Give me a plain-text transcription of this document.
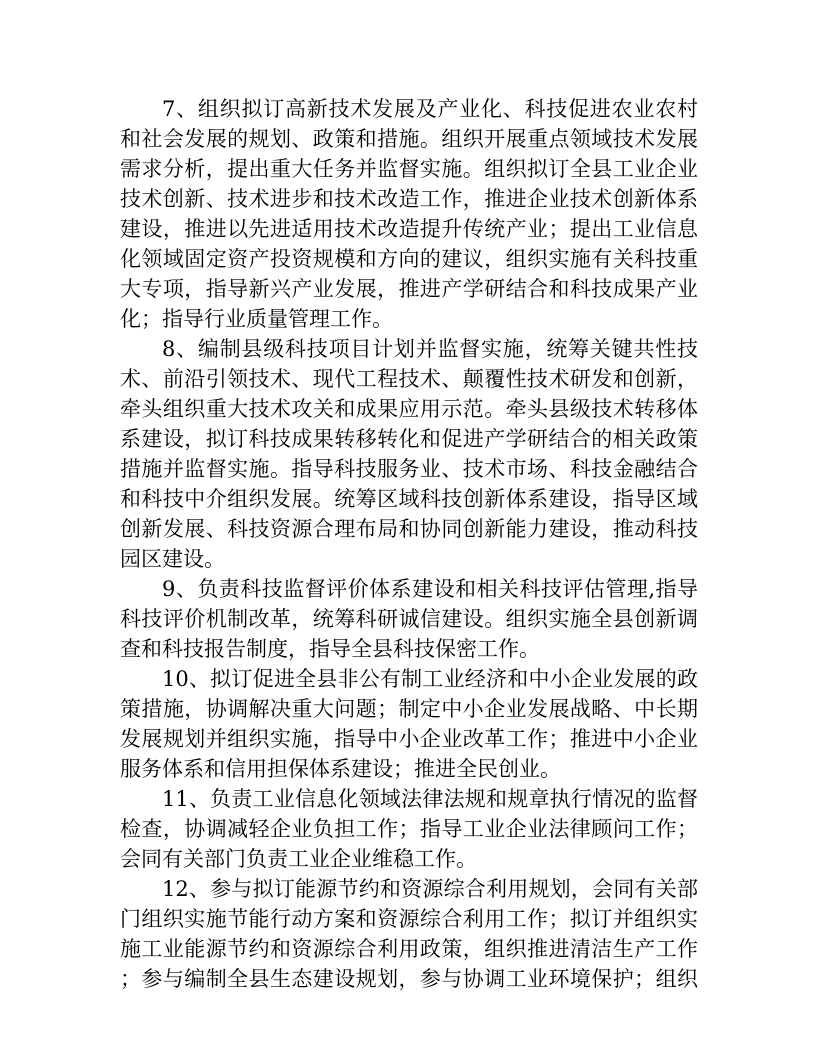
7、组织拟订高新技术发展及产业化、科技促进农业农村
和社会发展的规划、政策和措施。组织开展重点领域技术发展
需求分析，提出重大任务并监督实施。组织拟订全县工业企业
技术创新、技术进步和技术改造工作，推进企业技术创新体系
建设，推进以先进适用技术改造提升传统产业；提出工业信息
化领域固定资产投资规模和方向的建议，组织实施有关科技重
大专项，指导新兴产业发展，推进产学研结合和科技成果产业
化；指导行业质量管理工作。
8、编制县级科技项目计划并监督实施，统筹关键共性技
术、前沿引领技术、现代工程技术、颠覆性技术研发和创新，
牵头组织重大技术攻关和成果应用示范。牵头县级技术转移体
系建设，拟订科技成果转移转化和促进产学研结合的相关政策
措施并监督实施。指导科技服务业、技术市场、科技金融结合
和科技中介组织发展。统筹区域科技创新体系建设，指导区域
创新发展、科技资源合理布局和协同创新能力建设，推动科技
园区建设。
9、负责科技监督评价体系建设和相关科技评估管理,指导
科技评价机制改革，统筹科研诚信建设。组织实施全县创新调
查和科技报告制度，指导全县科技保密工作。
10、拟订促进全县非公有制工业经济和中小企业发展的政
策措施，协调解决重大问题；制定中小企业发展战略、中长期
发展规划并组织实施，指导中小企业改革工作；推进中小企业
服务体系和信用担保体系建设；推进全民创业。
11、负责工业信息化领域法律法规和规章执行情况的监督
检查，协调减轻企业负担工作；指导工业企业法律顾问工作；
会同有关部门负责工业企业维稳工作。
12、参与拟订能源节约和资源综合利用规划，会同有关部
门组织实施节能行动方案和资源综合利用工作；拟订并组织实
施工业能源节约和资源综合利用政策，组织推进清洁生产工作
；参与编制全县生态建设规划，参与协调工业环境保护；组织
